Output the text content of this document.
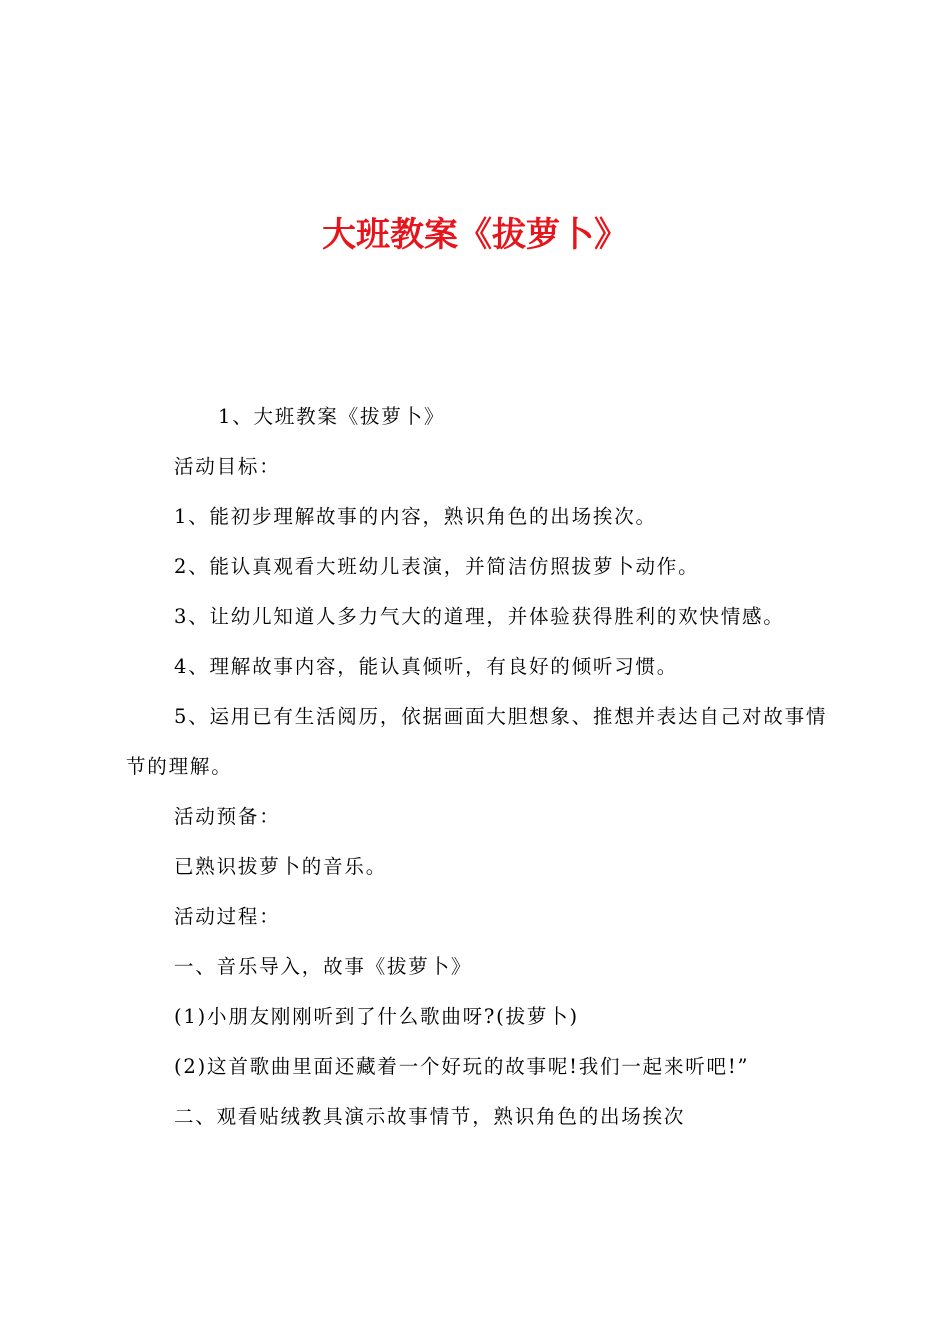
大班教案《拔萝卜》

1、大班教案《拔萝卜》

活动目标：

1、能初步理解故事的内容，熟识角色的出场挨次。

2、能认真观看大班幼儿表演，并简洁仿照拔萝卜动作。

3、让幼儿知道人多力气大的道理，并体验获得胜利的欢快情感。

4、理解故事内容，能认真倾听，有良好的倾听习惯。

5、运用已有生活阅历，依据画面大胆想象、推想并表达自己对故事情节的理解。

活动预备：

已熟识拔萝卜的音乐。

活动过程：

一、音乐导入，故事《拔萝卜》

(1)小朋友刚刚听到了什么歌曲呀?(拔萝卜)

(2)这首歌曲里面还藏着一个好玩的故事呢!我们一起来听吧!”

二、观看贴绒教具演示故事情节，熟识角色的出场挨次
